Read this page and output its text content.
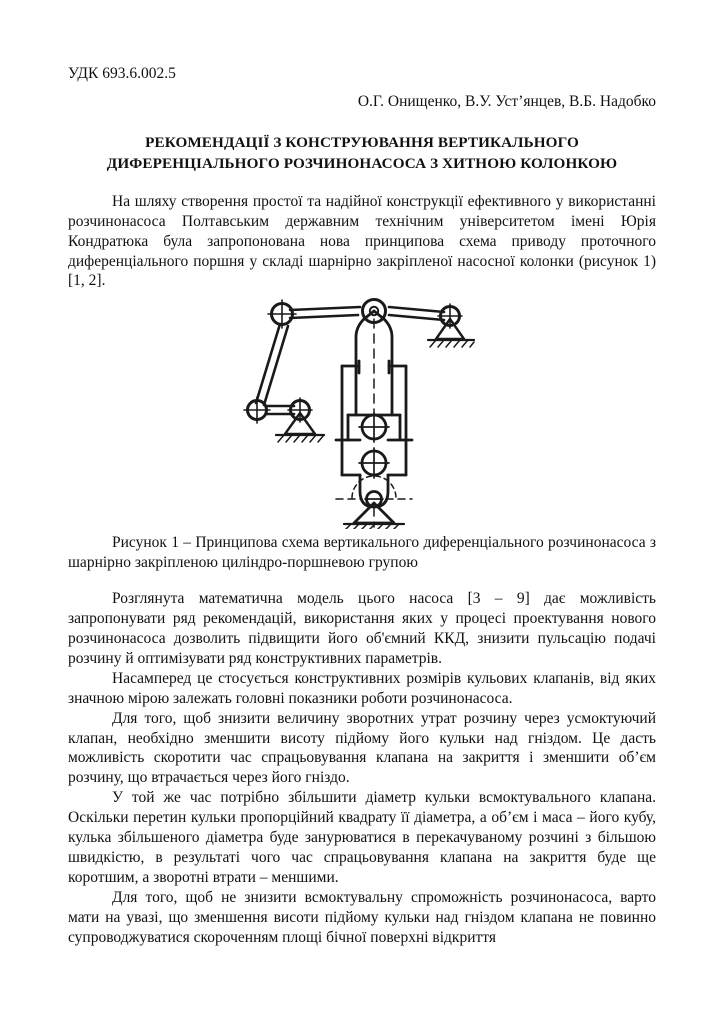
УДК 693.6.002.5
О.Г. Онищенко, В.У. Уст’янцев, В.Б. Надобко
РЕКОМЕНДАЦІЇ З КОНСТРУЮВАННЯ ВЕРТИКАЛЬНОГО
ДИФЕРЕНЦІАЛЬНОГО РОЗЧИНОНАСОСА З ХИТНОЮ КОЛОНКОЮ

На шляху створення простої та надійної конструкції ефективного у використанні розчинонасоса Полтавським державним технічним університетом імені Юрія Кондратюка була запропонована нова принципова схема приводу проточного диференціального поршня у складі шарнірно закріпленої насосної колонки (рисунок 1) [1, 2].

Рисунок 1 – Принципова схема вертикального диференціального розчинонасоса з шарнірно закріпленою циліндро-поршневою групою

Розглянута математична модель цього насоса [3 – 9] дає можливість запропонувати ряд рекомендацій, використання яких у процесі проектування нового розчинонасоса дозволить підвищити його об'ємний ККД, знизити пульсацію подачі розчину й оптимізувати ряд конструктивних параметрів.

Насамперед це стосується конструктивних розмірів кульових клапанів, від яких значною мірою залежать головні показники роботи розчинонасоса.

Для того, щоб знизити величину зворотних утрат розчину через усмоктуючий клапан, необхідно зменшити висоту підйому його кульки над гніздом. Це дасть можливість скоротити час спрацьовування клапана на закриття і зменшити об’єм розчину, що втрачається через його гніздо.

У той же час потрібно збільшити діаметр кульки всмоктувального клапана. Оскільки перетин кульки пропорційний квадрату її діаметра, а об’єм і маса – його кубу, кулька збільшеного діаметра буде занурюватися в перекачуваному розчині з більшою швидкістю, в результаті чого час спрацьовування клапана на закриття буде ще коротшим, а зворотні втрати – меншими.

Для того, щоб не знизити всмоктувальну спроможність розчинонасоса, варто мати на увазі, що зменшення висоти підйому кульки над гніздом клапана не повинно супроводжуватися скороченням площі бічної поверхні відкриття
